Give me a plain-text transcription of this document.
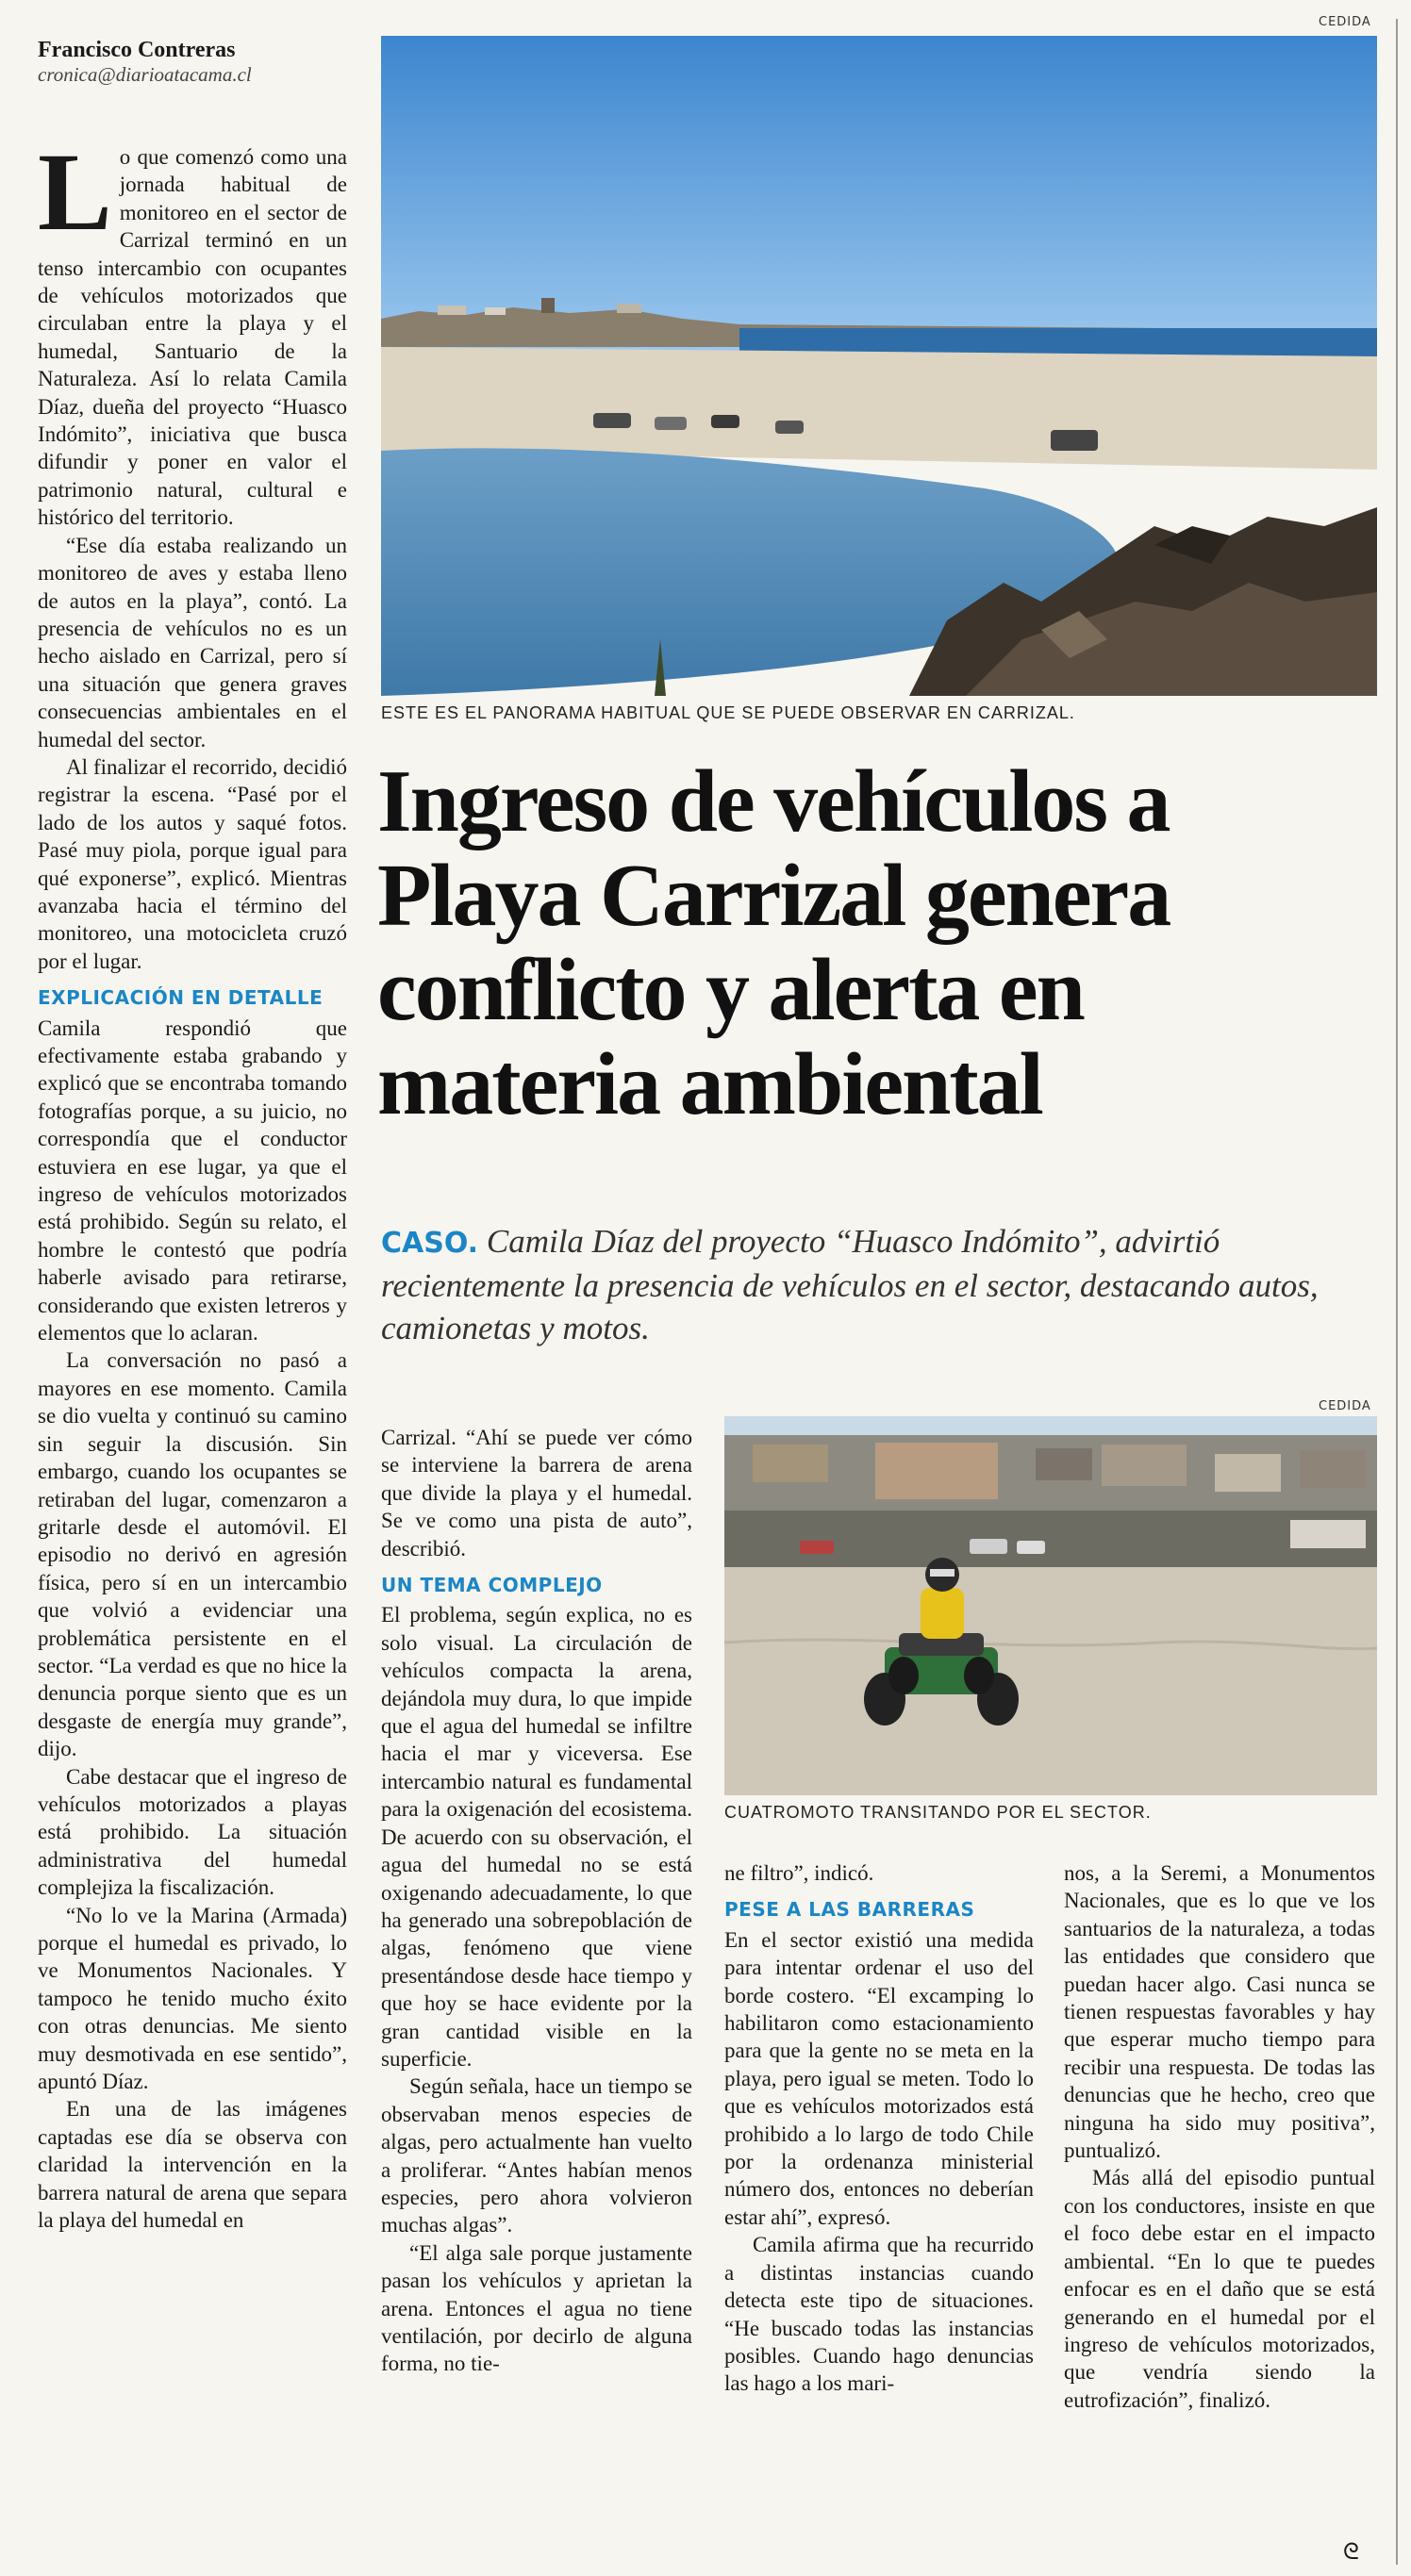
Francisco Contreras
cronica@diarioatacama.cl

Lo que comenzó como una jornada habitual de monitoreo en el sector de Carrizal terminó en un tenso intercambio con ocupantes de vehículos motorizados que circulaban entre la playa y el humedal, Santuario de la Naturaleza. Así lo relata Camila Díaz, dueña del proyecto “Huasco Indómito”, iniciativa que busca difundir y poner en valor el patrimonio natural, cultural e histórico del territorio.

“Ese día estaba realizando un monitoreo de aves y estaba lleno de autos en la playa”, contó. La presencia de vehículos no es un hecho aislado en Carrizal, pero sí una situación que genera graves consecuencias ambientales en el humedal del sector.

Al finalizar el recorrido, decidió registrar la escena. “Pasé por el lado de los autos y saqué fotos. Pasé muy piola, porque igual para qué exponerse”, explicó. Mientras avanzaba hacia el término del monitoreo, una motocicleta cruzó por el lugar.

EXPLICACIÓN EN DETALLE

Camila respondió que efectivamente estaba grabando y explicó que se encontraba tomando fotografías porque, a su juicio, no correspondía que el conductor estuviera en ese lugar, ya que el ingreso de vehículos motorizados está prohibido. Según su relato, el hombre le contestó que podría haberle avisado para retirarse, considerando que existen letreros y elementos que lo aclaran.

La conversación no pasó a mayores en ese momento. Camila se dio vuelta y continuó su camino sin seguir la discusión. Sin embargo, cuando los ocupantes se retiraban del lugar, comenzaron a gritarle desde el automóvil. El episodio no derivó en agresión física, pero sí en un intercambio que volvió a evidenciar una problemática persistente en el sector. “La verdad es que no hice la denuncia porque siento que es un desgaste de energía muy grande”, dijo.

Cabe destacar que el ingreso de vehículos motorizados a playas está prohibido. La situación administrativa del humedal complejiza la fiscalización.

“No lo ve la Marina (Armada) porque el humedal es privado, lo ve Monumentos Nacionales. Y tampoco he tenido mucho éxito con otras denuncias. Me siento muy desmotivada en ese sentido”, apuntó Díaz.

En una de las imágenes captadas ese día se observa con claridad la intervención en la barrera natural de arena que separa la playa del humedal en

CEDIDA
ESTE ES EL PANORAMA HABITUAL QUE SE PUEDE OBSERVAR EN CARRIZAL.
Ingreso de vehículos a
Playa Carrizal genera
conflicto y alerta en
materia ambiental
CASO. Camila Díaz del proyecto “Huasco Indómito”, advirtió recientemente la presencia de vehículos en el sector, destacando autos, camionetas y motos.

Carrizal. “Ahí se puede ver cómo se interviene la barrera de arena que divide la playa y el humedal. Se ve como una pista de auto”, describió.

UN TEMA COMPLEJO

El problema, según explica, no es solo visual. La circulación de vehículos compacta la arena, dejándola muy dura, lo que impide que el agua del humedal se infiltre hacia el mar y viceversa. Ese intercambio natural es fundamental para la oxigenación del ecosistema. De acuerdo con su observación, el agua del humedal no se está oxigenando adecuadamente, lo que ha generado una sobrepoblación de algas, fenómeno que viene presentándose desde hace tiempo y que hoy se hace evidente por la gran cantidad visible en la superficie.

Según señala, hace un tiempo se observaban menos especies de algas, pero actualmente han vuelto a proliferar. “Antes habían menos especies, pero ahora volvieron muchas algas”.

“El alga sale porque justamente pasan los vehículos y aprietan la arena. Entonces el agua no tiene ventilación, por decirlo de alguna forma, no tie-

CEDIDA
CUATROMOTO TRANSITANDO POR EL SECTOR.

ne filtro”, indicó.

PESE A LAS BARRERAS

En el sector existió una medida para intentar ordenar el uso del borde costero. “El excamping lo habilitaron como estacionamiento para que la gente no se meta en la playa, pero igual se meten. Todo lo que es vehículos motorizados está prohibido a lo largo de todo Chile por la ordenanza ministerial número dos, entonces no deberían estar ahí”, expresó.

Camila afirma que ha recurrido a distintas instancias cuando detecta este tipo de situaciones. “He buscado todas las instancias posibles. Cuando hago denuncias las hago a los mari-

nos, a la Seremi, a Monumentos Nacionales, que es lo que ve los santuarios de la naturaleza, a todas las entidades que considero que puedan hacer algo. Casi nunca se tienen respuestas favorables y hay que esperar mucho tiempo para recibir una respuesta. De todas las denuncias que he hecho, creo que ninguna ha sido muy positiva”, puntualizó.

Más allá del episodio puntual con los conductores, insiste en que el foco debe estar en el impacto ambiental. “En lo que te puedes enfocar es en el daño que se está generando en el humedal por el ingreso de vehículos motorizados, que vendría siendo la eutrofización”, finalizó.

ᘓ
